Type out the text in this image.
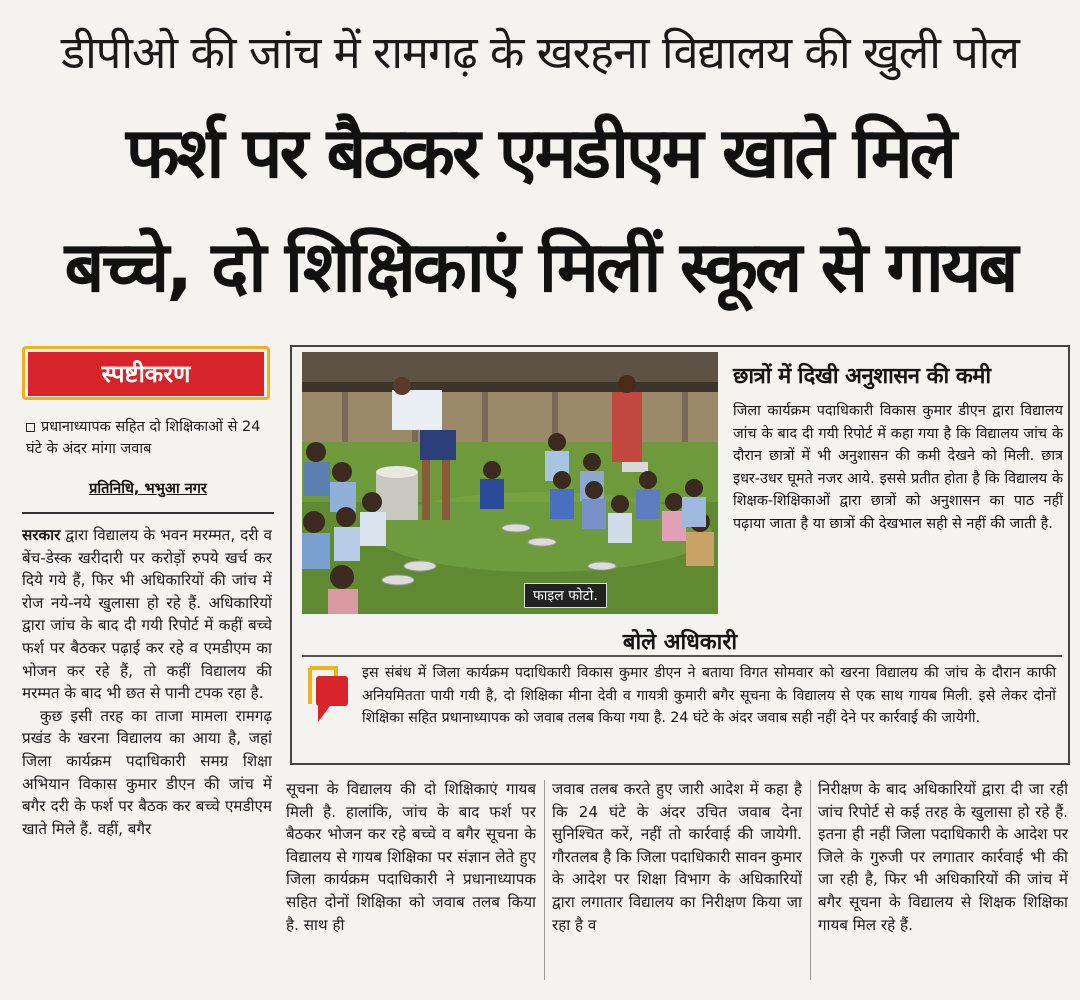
डीपीओ की जांच में रामगढ़ के खरहना विद्यालय की खुली पोल
फर्श पर बैठकर एमडीएम खाते मिले
बच्चे, दो शिक्षिकाएं मिलीं स्कूल से गायब
स्पष्टीकरण
प्रधानाध्यापक सहित दो शिक्षिकाओं से 24 घंटे के अंदर मांगा जवाब
प्रतिनिधि, भभुआ नगर

सरकार द्वारा विद्यालय के भवन मरम्मत, दरी व बेंच-डेस्क खरीदारी पर करोड़ों रुपये खर्च कर दिये गये हैं, फिर भी अधिकारियों की जांच में रोज नये-नये खुलासा हो रहे हैं. अधिकारियों द्वारा जांच के बाद दी गयी रिपोर्ट में कहीं बच्चे फर्श पर बैठकर पढ़ाई कर रहे व एमडीएम का भोजन कर रहे हैं, तो कहीं विद्यालय की मरम्मत के बाद भी छत से पानी टपक रहा है.

कुछ इसी तरह का ताजा मामला रामगढ़ प्रखंड के खरना विद्यालय का आया है, जहां जिला कार्यक्रम पदाधिकारी समग्र शिक्षा अभियान विकास कुमार डीएन की जांच में बगैर दरी के फर्श पर बैठक कर बच्चे एमडीएम खाते मिले हैं. वहीं, बगैर

फाइल फोटो.
छात्रों में दिखी अनुशासन की कमी
जिला कार्यक्रम पदाधिकारी विकास कुमार डीएन द्वारा विद्यालय जांच के बाद दी गयी रिपोर्ट में कहा गया है कि विद्यालय जांच के दौरान छात्रों में भी अनुशासन की कमी देखने को मिली. छात्र इधर-उधर घूमते नजर आये. इससे प्रतीत होता है कि विद्यालय के शिक्षक-शिक्षिकाओं द्वारा छात्रों को अनुशासन का पाठ नहीं पढ़ाया जाता है या छात्रों की देखभाल सही से नहीं की जाती है.
बोले अधिकारी
इस संबंध में जिला कार्यक्रम पदाधिकारी विकास कुमार डीएन ने बताया विगत सोमवार को खरना विद्यालय की जांच के दौरान काफी अनियमितता पायी गयी है, दो शिक्षिका मीना देवी व गायत्री कुमारी बगैर सूचना के विद्यालय से एक साथ गायब मिली. इसे लेकर दोनों शिक्षिका सहित प्रधानाध्यापक को जवाब तलब किया गया है. 24 घंटे के अंदर जवाब सही नहीं देने पर कार्रवाई की जायेगी.
सूचना के विद्यालय की दो शिक्षिकाएं गायब मिली है. हालांकि, जांच के बाद फर्श पर बैठकर भोजन कर रहे बच्चे व बगैर सूचना के विद्यालय से गायब शिक्षिका पर संज्ञान लेते हुए जिला कार्यक्रम पदाधिकारी ने प्रधानाध्यापक सहित दोनों शिक्षिका को जवाब तलब किया है. साथ ही
जवाब तलब करते हुए जारी आदेश में कहा है कि 24 घंटे के अंदर उचित जवाब देना सुनिश्चित करें, नहीं तो कार्रवाई की जायेगी. गौरतलब है कि जिला पदाधिकारी सावन कुमार के आदेश पर शिक्षा विभाग के अधिकारियों द्वारा लगातार विद्यालय का निरीक्षण किया जा रहा है व
निरीक्षण के बाद अधिकारियों द्वारा दी जा रही जांच रिपोर्ट से कई तरह के खुलासा हो रहे हैं. इतना ही नहीं जिला पदाधिकारी के आदेश पर जिले के गुरुजी पर लगातार कार्रवाई भी की जा रही है, फिर भी अधिकारियों की जांच में बगैर सूचना के विद्यालय से शिक्षक शिक्षिका गायब मिल रहे हैं.
